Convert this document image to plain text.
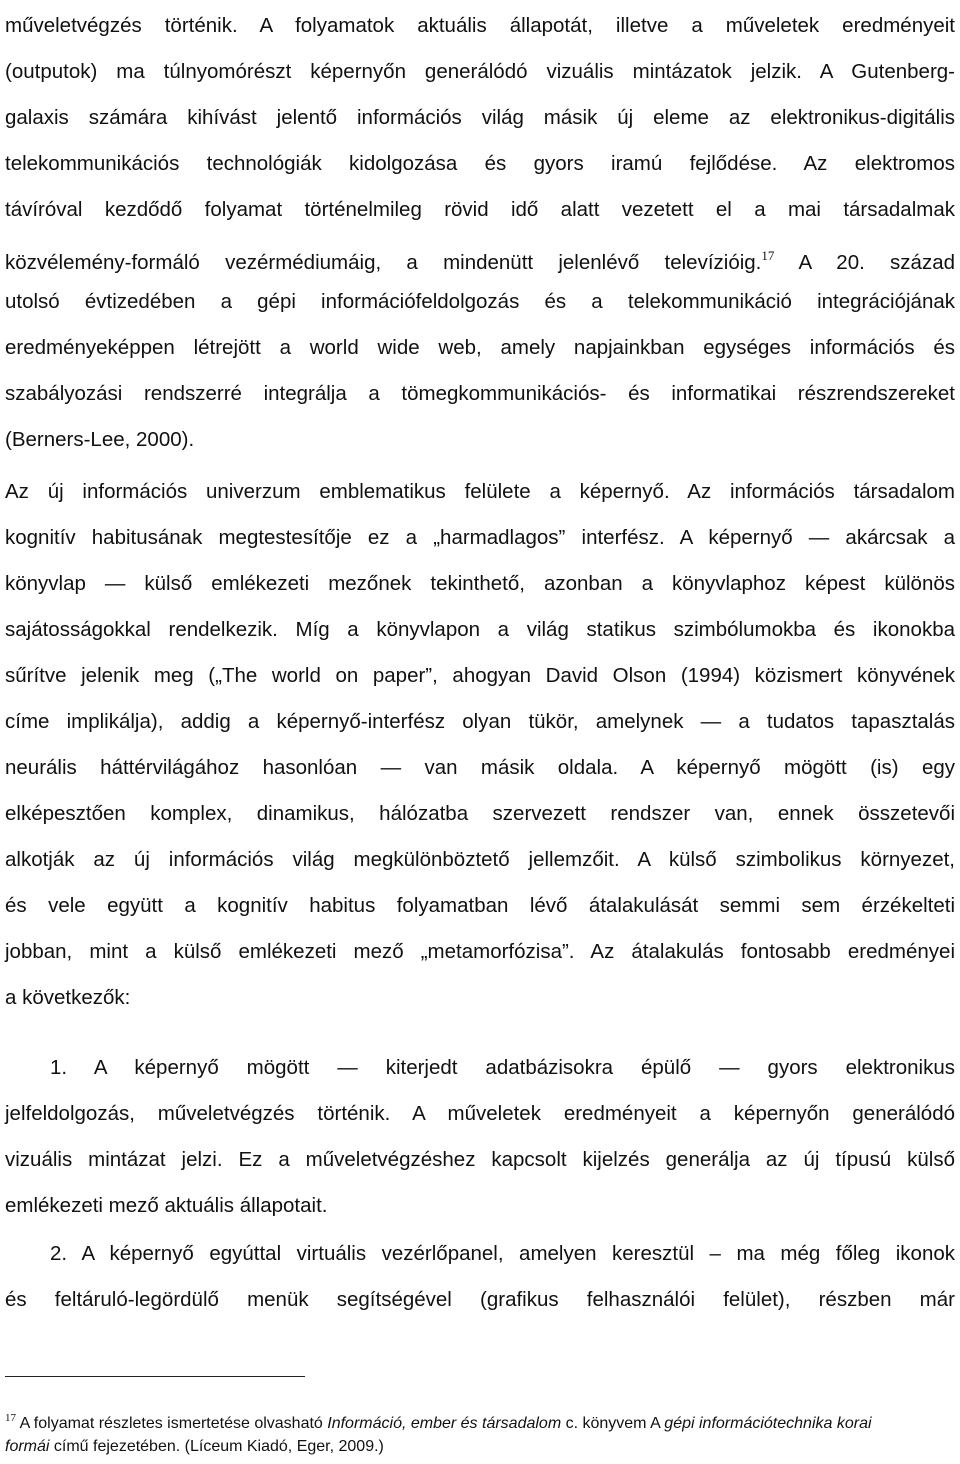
műveletvégzés történik. A folyamatok aktuális állapotát, illetve a műveletek eredményeit
(outputok) ma túlnyomórészt képernyőn generálódó vizuális mintázatok jelzik. A Gutenberg-
galaxis számára kihívást jelentő információs világ másik új eleme az elektronikus-digitális
telekommunikációs technológiák kidolgozása és gyors iramú fejlődése. Az elektromos
távíróval kezdődő folyamat történelmileg rövid idő alatt vezetett el a mai társadalmak
közvélemény-formáló vezérmédiumáig, a mindenütt jelenlévő televízióig.$^{17}$ A 20. század
utolsó évtizedében a gépi információfeldolgozás és a telekommunikáció integrációjának
eredményeképpen létrejött a world wide web, amely napjainkban egységes információs és
szabályozási rendszerré integrálja a tömegkommunikációs- és informatikai részrendszereket
(Berners-Lee, 2000).
Az új információs univerzum emblematikus felülete a képernyő. Az információs társadalom
kognitív habitusának megtestesítője ez a „harmadlagos” interfész. A képernyő — akárcsak a
könyvlap — külső emlékezeti mezőnek tekinthető, azonban a könyvlaphoz képest különös
sajátosságokkal rendelkezik. Míg a könyvlapon a világ statikus szimbólumokba és ikonokba
sűrítve jelenik meg („The world on paper”, ahogyan David Olson (1994) közismert könyvének
címe implikálja), addig a képernyő-interfész olyan tükör, amelynek — a tudatos tapasztalás
neurális háttérvilágához hasonlóan — van másik oldala. A képernyő mögött (is) egy
elképesztően komplex, dinamikus, hálózatba szervezett rendszer van, ennek összetevői
alkotják az új információs világ megkülönböztető jellemzőit. A külső szimbolikus környezet,
és vele együtt a kognitív habitus folyamatban lévő átalakulását semmi sem érzékelteti
jobban, mint a külső emlékezeti mező „metamorfózisa”. Az átalakulás fontosabb eredményei
a következők:
1. A képernyő mögött — kiterjedt adatbázisokra épülő — gyors elektronikus
jelfeldolgozás, műveletvégzés történik. A műveletek eredményeit a képernyőn generálódó
vizuális mintázat jelzi. Ez a műveletvégzéshez kapcsolt kijelzés generálja az új típusú külső
emlékezeti mező aktuális állapotait.
2. A képernyő egyúttal virtuális vezérlőpanel, amelyen keresztül – ma még főleg ikonok
és feltáruló-legördülő menük segítségével (grafikus felhasználói felület), részben már
$^{17}$ A folyamat részletes ismertetése olvasható Információ, ember és társadalom c. könyvem A gépi információtechnika korai
formái című fejezetében. (Líceum Kiadó, Eger, 2009.)
